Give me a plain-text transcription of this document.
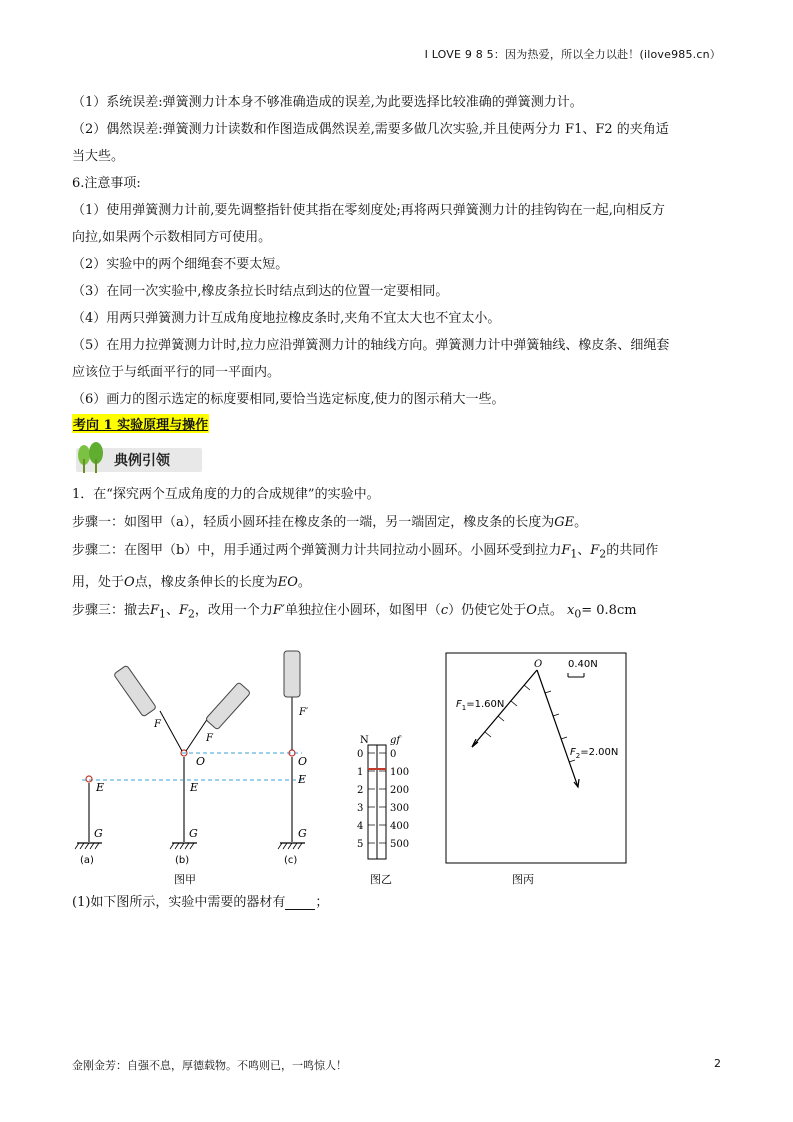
I LOVE 9 8 5：因为热爱，所以全力以赴！(ilove985.cn）

（1）系统误差:弹簧测力计本身不够准确造成的误差,为此要选择比较准确的弹簧测力计。

（2）偶然误差:弹簧测力计读数和作图造成偶然误差,需要多做几次实验,并且使两分力 F1、F2 的夹角适

当大些。

6.注意事项:

（1）使用弹簧测力计前,要先调整指针使其指在零刻度处;再将两只弹簧测力计的挂钩钩在一起,向相反方

向拉,如果两个示数相同方可使用。

（2）实验中的两个细绳套不要太短。

（3）在同一次实验中,橡皮条拉长时结点到达的位置一定要相同。

（4）用两只弹簧测力计互成角度地拉橡皮条时,夹角不宜太大也不宜太小。

（5）在用力拉弹簧测力计时,拉力应沿弹簧测力计的轴线方向。弹簧测力计中弹簧轴线、橡皮条、细绳套

应该位于与纸面平行的同一平面内。

（6）画力的图示选定的标度要相同,要恰当选定标度,使力的图示稍大一些。

考向 1 实验原理与操作
典例引领

1．在“探究两个互成角度的力的合成规律”的实验中。

步骤一：如图甲（a），轻质小圆环挂在橡皮条的一端，另一端固定，橡皮条的长度为GE。

步骤二：在图甲（b）中，用手通过两个弹簧测力计共同拉动小圆环。小圆环受到拉力$F_1$、$F_2$的共同作

用，处于O点，橡皮条伸长的长度为EO。

步骤三：撤去$F_1$、$F_2$，改用一个力F′单独拉住小圆环，如图甲（c）仍使它处于O点。 $x_0= 0.8cm$

E
G
(a)
O
E
G
F
F
(b)
F′
O
E
G
(c)
图甲
N gf
0
1
2
3
4
5
0
100
200
300
400
500
图乙
O	0.40N
$F_1=1.60N$
$F_2=2.00N$
图丙
(1)如下图所示，实验中需要的器材有 ；
金刚金芳：自强不息，厚德载物。不鸣则已，一鸣惊人！	2
